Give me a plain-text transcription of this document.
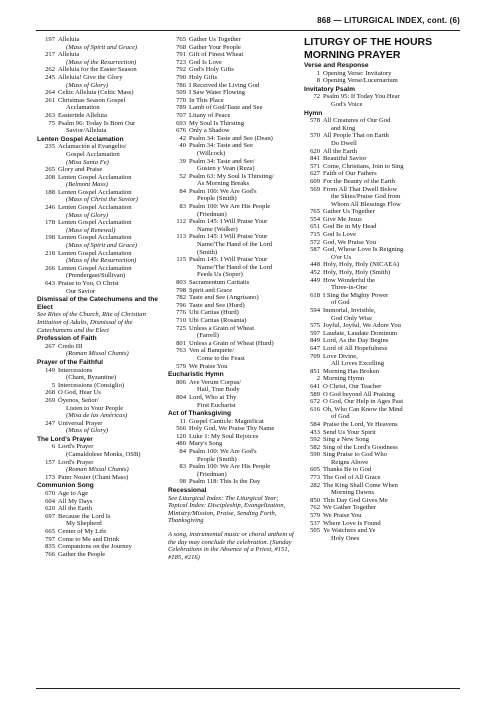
868 — LITURGICAL INDEX, cont. (6)
197 Alleluia
(Mass of Spirit and Grace)
217 Alleluia
(Mass of the Resurrection)
262 Alleluia for the Easter Season
245 Alleluia! Give the Glory
(Mass of Glory)
264 Celtic Alleluia (Celtic Mass)
261 Christmas Season Gospel
Acclamation
263 Eastertide Alleluia
75 Psalm 96: Today Is Born Our
Savior/Alleluia
Lenten Gospel Acclamation
235 Aclamación al Evangelio/
Gospel Acclamation
(Misa Santa Fe)
265 Glory and Praise
208 Lenten Gospel Acclamation
(Belmont Mass)
188 Lenten Gospel Acclamation
(Mass of Christ the Savior)
246 Lenten Gospel Acclamation
(Mass of Glory)
178 Lenten Gospel Acclamation
(Mass of Renewal)
198 Lenten Gospel Acclamation
(Mass of Spirit and Grace)
218 Lenten Gospel Acclamation
(Mass of the Resurrection)
266 Lenten Gospel Acclamation
(Prendergast/Sullivan)
643 Praise to You, O Christ
Our Savior
Dismissal of the Catechumens and the Elect
See Rites of the Church, Rite of Christian Initiation of Adults, Dismissal of the Catechumens and the Elect
Profession of Faith
267 Credo III
(Roman Missal Chants)
Prayer of the Faithful
149 Intercessions
(Chant, Byzantine)
5 Intercessions (Consiglio)
268 O God, Hear Us
269 Óyenos, Señor/
Listen to Your People
(Misa de las Américas)
247 Universal Prayer
(Mass of Glory)
The Lord's Prayer
6 Lord's Prayer
(Camaldolese Monks, OSB)
157 Lord's Prayer
(Roman Missal Chants)
173 Pater Noster (Chant Mass)
Communion Song
670 Age to Age
604 All My Days
620 All the Earth
697 Because the Lord Is
My Shepherd
665 Center of My Life
797 Come to Me and Drink
835 Companions on the Journey
766 Gather the People
765 Gather Us Together
768 Gather Your People
791 Gift of Finest Wheat
723 God Is Love
792 God's Holy Gifts
790 Holy Gifts
786 I Received the Living God
509 I Saw Water Flowing
770 In This Place
789 Lamb of God/Taste and See
707 Litany of Peace
693 My Soul Is Thirsting
676 Only a Shadow
42 Psalm 34: Taste and See (Dean)
40 Psalm 34: Taste and See
(Willcock)
39 Psalm 34: Taste and See/
Gusten y Vean (Reza)
52 Psalm 63: My Soul Is Thirsting/
As Morning Breaks
84 Psalm 100: We Are God's
People (Smith)
83 Psalm 100: We Are His People
(Friedman)
112 Psalm 145: I Will Praise Your
Name (Walker)
113 Psalm 145: I Will Praise Your
Name/The Hand of the Lord
(Smith)
115 Psalm 145: I Will Praise Your
Name/The Hand of the Lord
Feeds Us (Soper)
803 Sacramentum Caritatis
798 Spirit and Grace
782 Taste and See (Angrisano)
796 Taste and See (Hurd)
776 Ubi Caritas (Hurd)
710 Ubi Caritas (Rosania)
725 Unless a Grain of Wheat
(Farrell)
801 Unless a Grain of Wheat (Hurd)
763 Ven al Banquete/
Come to the Feast
579 We Praise You
Eucharistic Hymn
806 Ave Verum Corpus/
Hail, True Body
804 Lord, Who at Thy
First Eucharist
Act of Thanksgiving
11 Gospel Canticle: Magnificat
566 Holy God, We Praise Thy Name
120 Luke 1: My Soul Rejoices
480 Mary's Song
84 Psalm 100: We Are God's
People (Smith)
83 Psalm 100: We Are His People
(Friedman)
98 Psalm 118: This Is the Day
Recessional
See Liturgical Index: The Liturgical Year; Topical Index: Discipleship, Evangelization, Ministry/Mission, Praise, Sending Forth, Thanksgiving
A song, instrumental music or choral anthem of the day may conclude the celebration. (Sunday Celebrations in the Absence of a Priest, #151, #185, #216)
LITURGY OF THE HOURS
MORNING PRAYER
Verse and Response
1 Opening Verse: Invitatory
8 Opening Verse/Lucernarium
Invitatory Psalm
72 Psalm 95: If Today You Hear
God's Voice
Hymn
578 All Creatures of Our God
and King
570 All People That on Earth
Do Dwell
620 All the Earth
841 Beautiful Savior
571 Come, Christians, Join to Sing
627 Faith of Our Fathers
609 For the Beauty of the Earth
569 From All That Dwell Below
the Skies/Praise God from
Whom All Blessings Flow
765 Gather Us Together
554 Give Me Jesus
651 God Be in My Head
715 God Is Love
572 God, We Praise You
587 God, Whose Love Is Reigning
O'er Us
448 Holy, Holy, Holy (NICAEA)
452 Holy, Holy, Holy (Smith)
449 How Wonderful the
Three-in-One
618 I Sing the Mighty Power
of God
594 Immortal, Invisible,
God Only Wise
575 Joyful, Joyful, We Adore You
597 Laudate, Laudate Dominum
849 Lord, As the Day Begins
647 Lord of All Hopefulness
709 Love Divine,
All Loves Excelling
851 Morning Has Broken
2 Morning Hymn
641 O Christ, Our Teacher
589 O God beyond All Praising
672 O God, Our Help in Ages Past
616 Oh, Who Can Know the Mind
of God
584 Praise the Lord, Ye Heavens
433 Send Us Your Spirit
592 Sing a New Song
582 Sing of the Lord's Goodness
590 Sing Praise to God Who
Reigns Above
605 Thanks Be to God
773 The God of All Grace
282 The King Shall Come When
Morning Dawns
850 This Day God Gives Me
762 We Gather Together
579 We Praise You
537 Where Love Is Found
505 Ye Watchers and Ye
Holy Ones
